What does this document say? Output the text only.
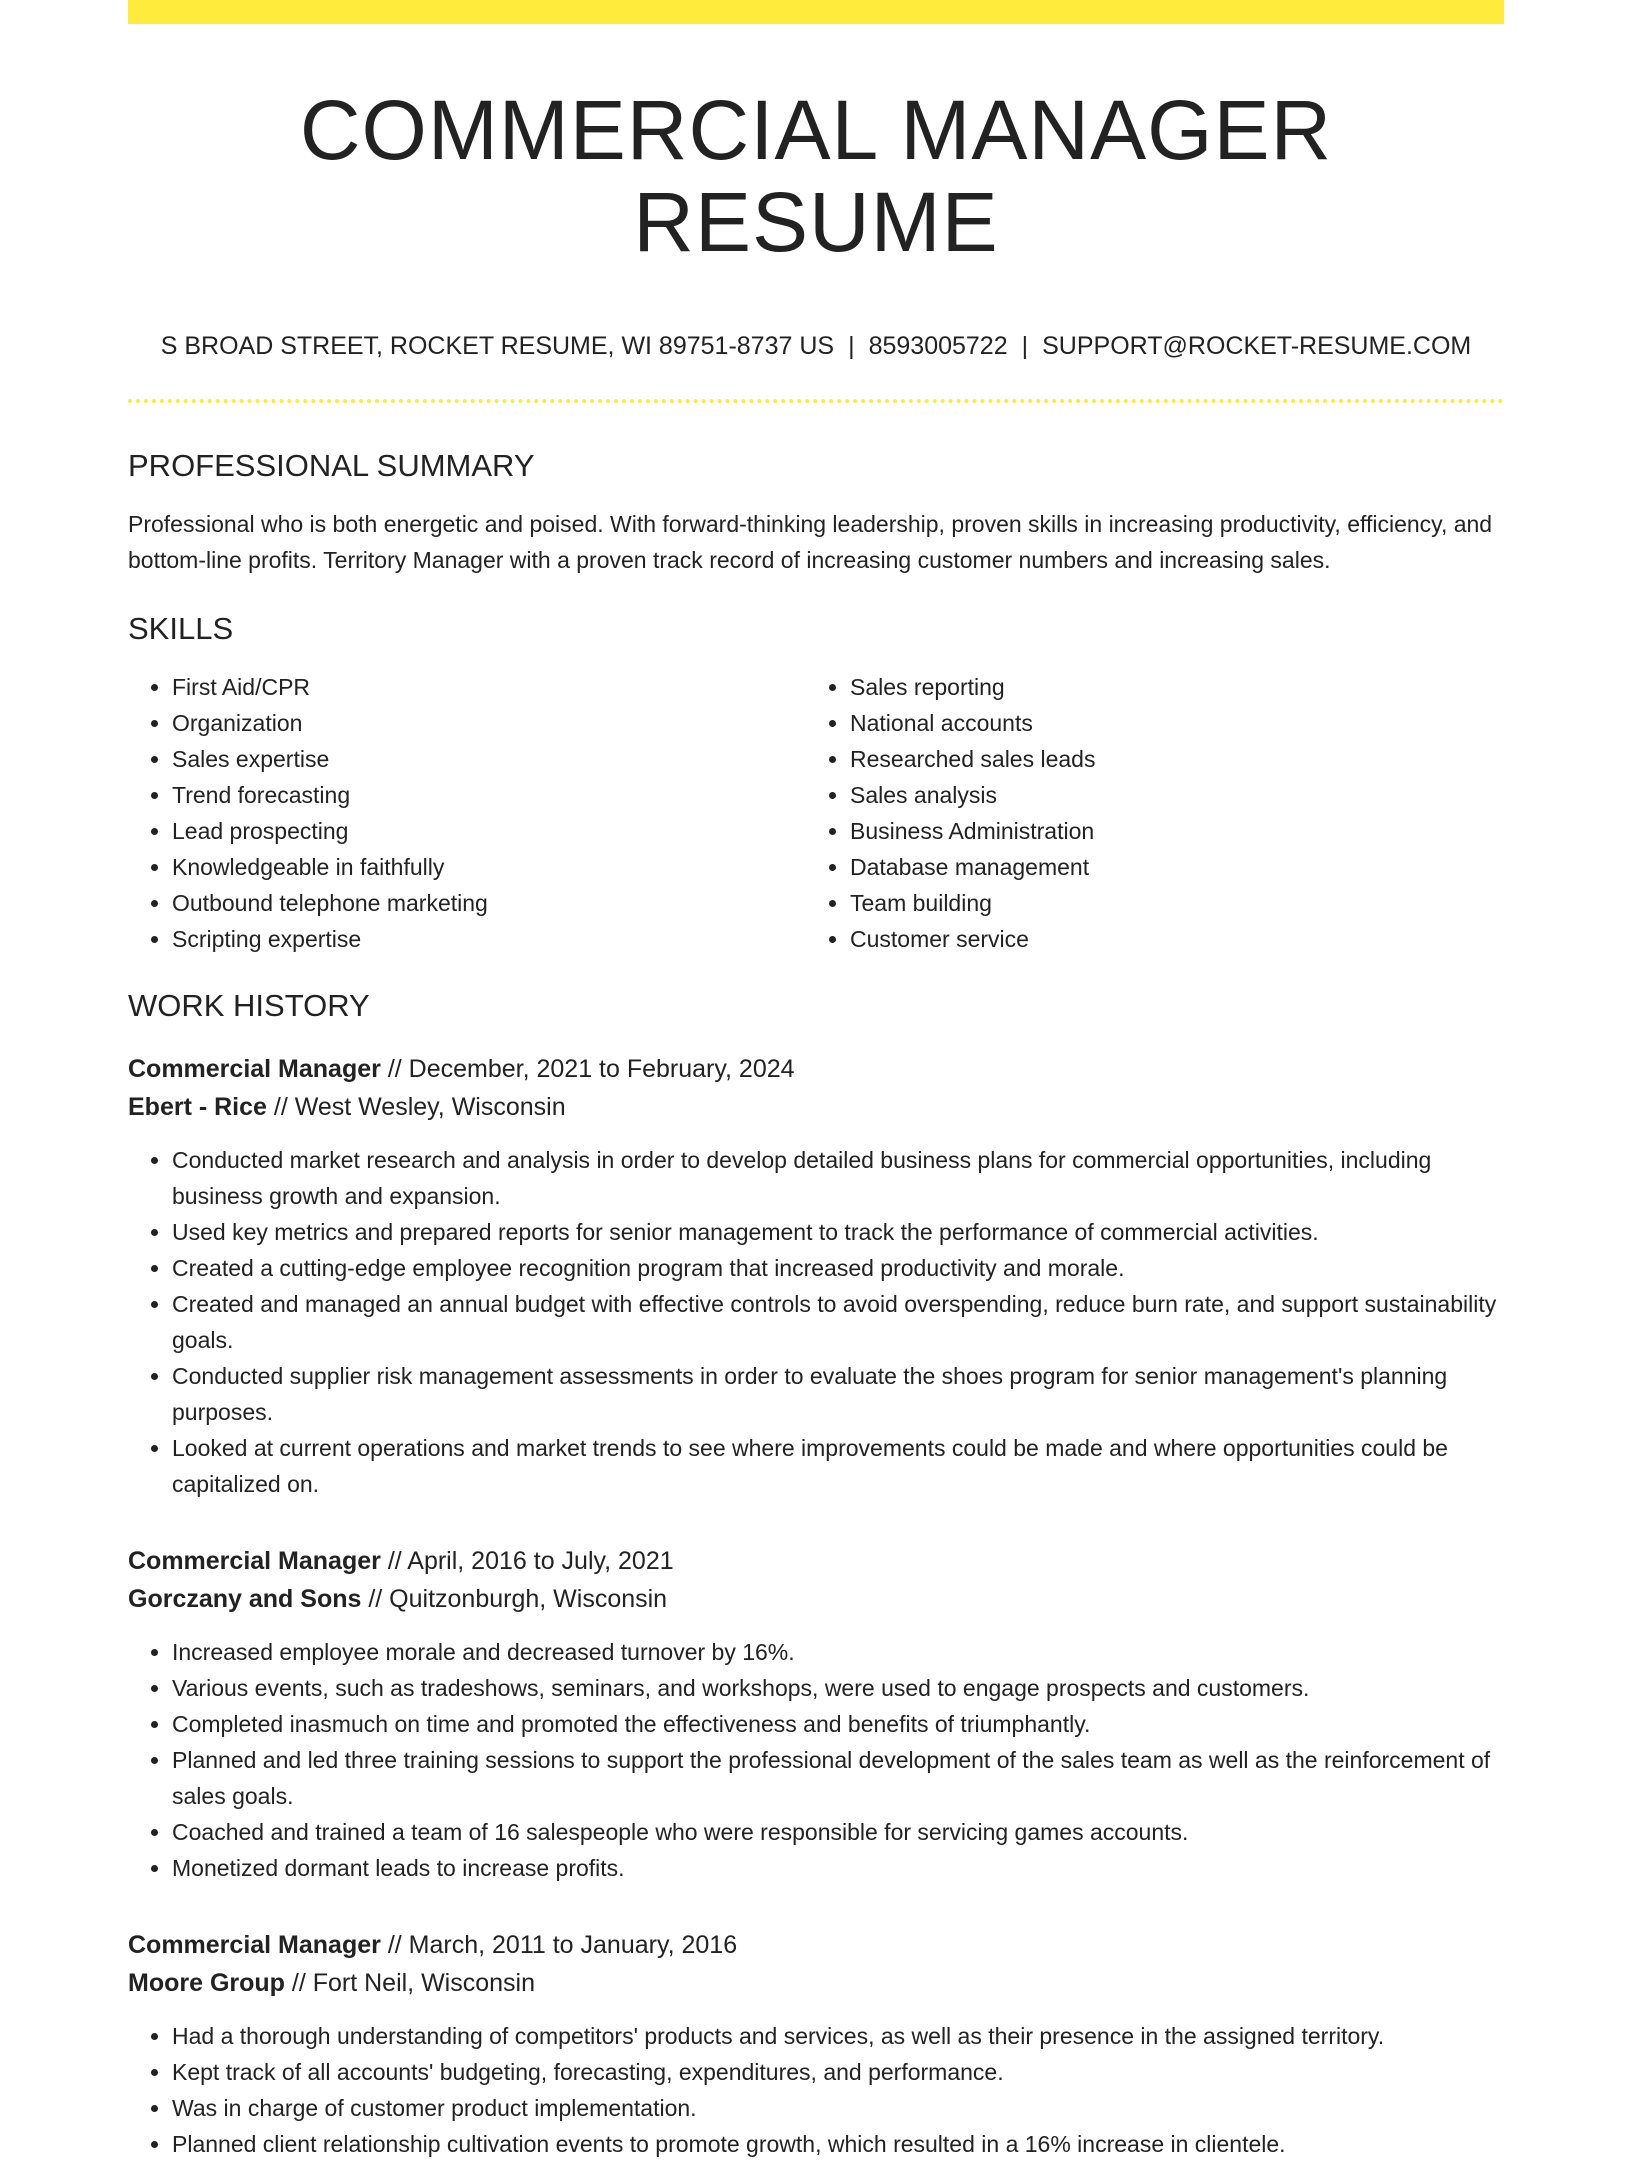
COMMERCIAL MANAGER RESUME
S BROAD STREET, ROCKET RESUME, WI 89751-8737 US | 8593005722 | SUPPORT@ROCKET-RESUME.COM
PROFESSIONAL SUMMARY

Professional who is both energetic and poised. With forward-thinking leadership, proven skills in increasing productivity, efficiency, and bottom-line profits. Territory Manager with a proven track record of increasing customer numbers and increasing sales.

SKILLS
• First Aid/CPR
• Organization
• Sales expertise
• Trend forecasting
• Lead prospecting
• Knowledgeable in faithfully
• Outbound telephone marketing
• Scripting expertise
• Sales reporting
• National accounts
• Researched sales leads
• Sales analysis
• Business Administration
• Database management
• Team building
• Customer service
WORK HISTORY
Commercial Manager // December, 2021 to February, 2024
Ebert - Rice // West Wesley, Wisconsin
• Conducted market research and analysis in order to develop detailed business plans for commercial opportunities, including business growth and expansion.
• Used key metrics and prepared reports for senior management to track the performance of commercial activities.
• Created a cutting-edge employee recognition program that increased productivity and morale.
• Created and managed an annual budget with effective controls to avoid overspending, reduce burn rate, and support sustainability goals.
• Conducted supplier risk management assessments in order to evaluate the shoes program for senior management's planning purposes.
• Looked at current operations and market trends to see where improvements could be made and where opportunities could be capitalized on.
Commercial Manager // April, 2016 to July, 2021
Gorczany and Sons // Quitzonburgh, Wisconsin
• Increased employee morale and decreased turnover by 16%.
• Various events, such as tradeshows, seminars, and workshops, were used to engage prospects and customers.
• Completed inasmuch on time and promoted the effectiveness and benefits of triumphantly.
• Planned and led three training sessions to support the professional development of the sales team as well as the reinforcement of sales goals.
• Coached and trained a team of 16 salespeople who were responsible for servicing games accounts.
• Monetized dormant leads to increase profits.
Commercial Manager // March, 2011 to January, 2016
Moore Group // Fort Neil, Wisconsin
• Had a thorough understanding of competitors' products and services, as well as their presence in the assigned territory.
• Kept track of all accounts' budgeting, forecasting, expenditures, and performance.
• Was in charge of customer product implementation.
• Planned client relationship cultivation events to promote growth, which resulted in a 16% increase in clientele.
